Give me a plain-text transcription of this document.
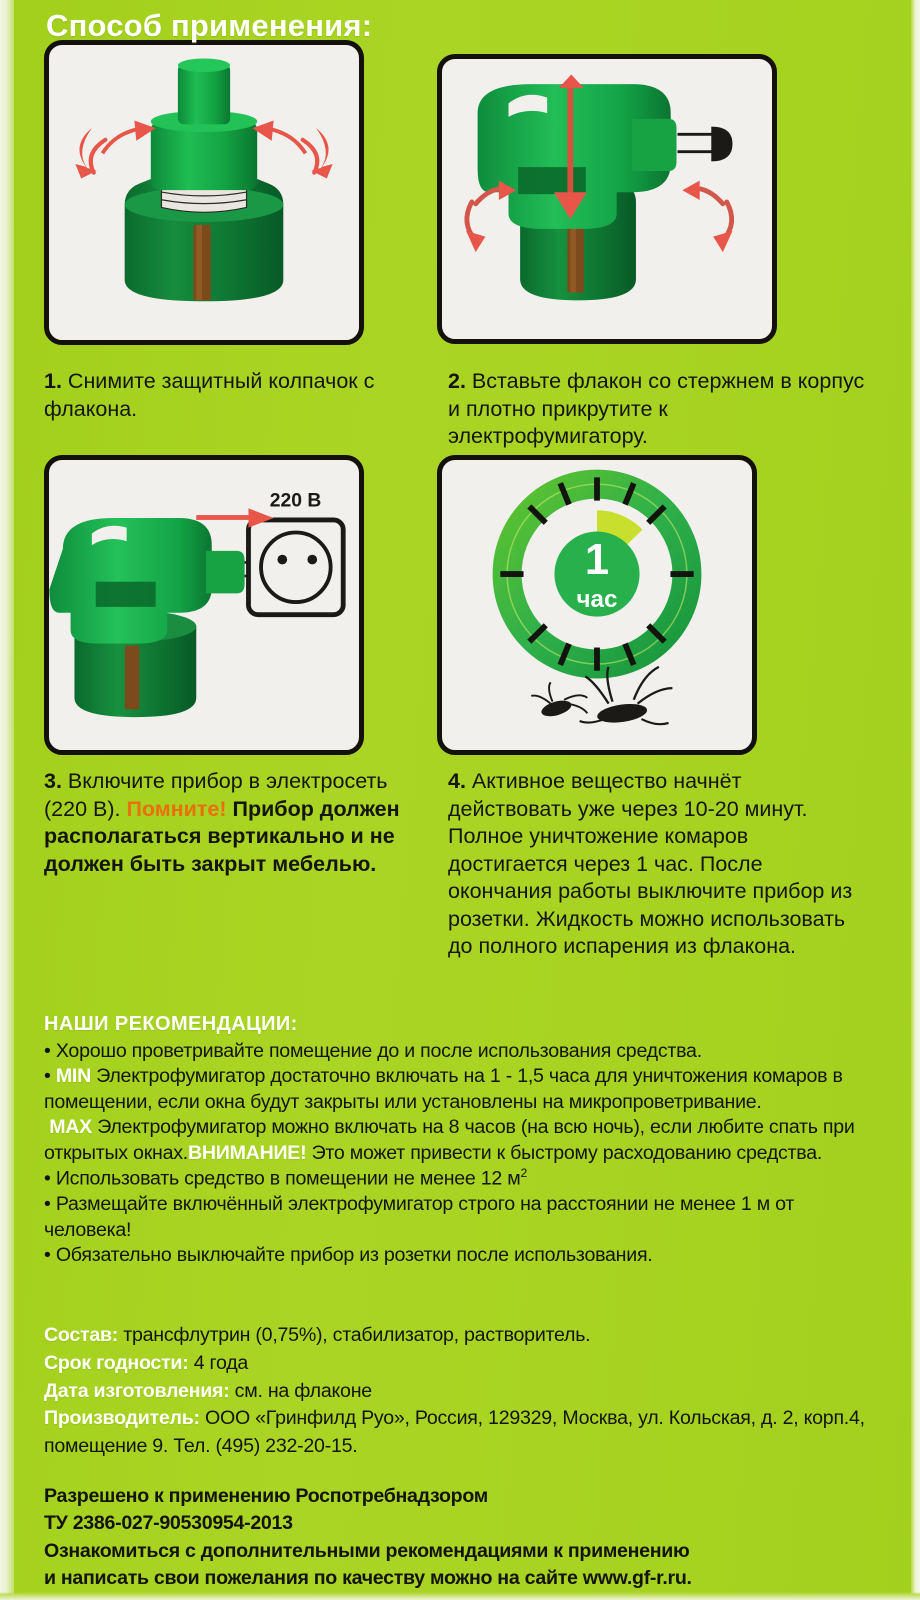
Способ применения:
220 В
1
час
1. Снимите защитный колпачок с флакона.
2. Вставьте флакон со стержнем в корпус и плотно прикрутите к электрофумигатору.
3. Включите прибор в электросеть (220 В). Помните! Прибор должен располагаться вертикально и не должен быть закрыт мебелью.
4. Активное вещество начнёт действовать уже через 10-20 минут. Полное уничтожение комаров достигается через 1 час. После окончания работы выключите прибор из розетки. Жидкость можно использовать до полного испарения из флакона.
НАШИ РЕКОМЕНДАЦИИ:
• Хорошо проветривайте помещение до и после использования средства.
• MIN Электрофумигатор достаточно включать на 1 - 1,5 часа для уничтожения комаров в помещении, если окна будут закрыты или установлены на микропроветривание.
MAX Электрофумигатор можно включать на 8 часов (на всю ночь), если любите спать при открытых окнах.ВНИМАНИЕ! Это может привести к быстрому расходованию средства.
• Использовать средство в помещении не менее 12 $м^2$
• Размещайте включённый электрофумигатор строго на расстоянии не менее 1 м от человека!
• Обязательно выключайте прибор из розетки после использования.
Состав: трансфлутрин (0,75%), стабилизатор, растворитель.
Срок годности: 4 года
Дата изготовления: см. на флаконе
Производитель: ООО «Гринфилд Руо», Россия, 129329, Москва, ул. Кольская, д. 2, корп.4, помещение 9. Тел. (495) 232-20-15.
Разрешено к применению Роспотребнадзором
ТУ 2386-027-90530954-2013
Ознакомиться с дополнительными рекомендациями к применению
и написать свои пожелания по качеству можно на сайте www.gf-r.ru.
